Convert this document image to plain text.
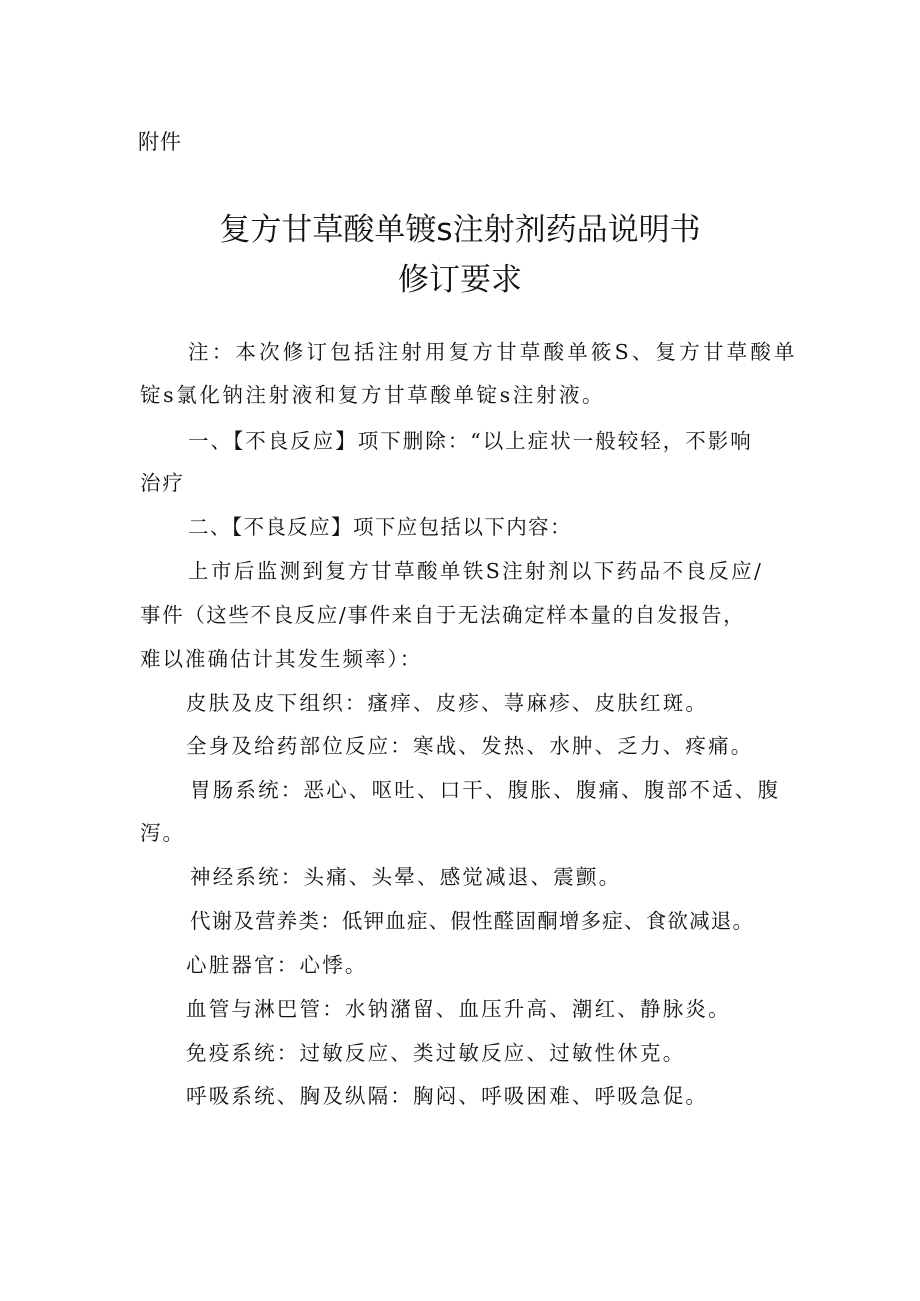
附件
复方甘草酸单镀s注射剂药品说明书
修订要求
注：本次修订包括注射用复方甘草酸单筱S、复方甘草酸单
锭s氯化钠注射液和复方甘草酸单锭s注射液。
一、【不良反应】项下删除：“以上症状一般较轻，不影响
治疗
二、【不良反应】项下应包括以下内容：
上市后监测到复方甘草酸单铁S注射剂以下药品不良反应/
事件（这些不良反应/事件来自于无法确定样本量的自发报告，
难以准确估计其发生频率）：
皮肤及皮下组织：瘙痒、皮疹、荨麻疹、皮肤红斑。
全身及给药部位反应：寒战、发热、水肿、乏力、疼痛。
胃肠系统：恶心、呕吐、口干、腹胀、腹痛、腹部不适、腹
泻。
神经系统：头痛、头晕、感觉减退、震颤。
代谢及营养类：低钾血症、假性醛固酮增多症、食欲减退。
心脏器官：心悸。
血管与淋巴管：水钠潴留、血压升高、潮红、静脉炎。
免疫系统：过敏反应、类过敏反应、过敏性休克。
呼吸系统、胸及纵隔：胸闷、呼吸困难、呼吸急促。
